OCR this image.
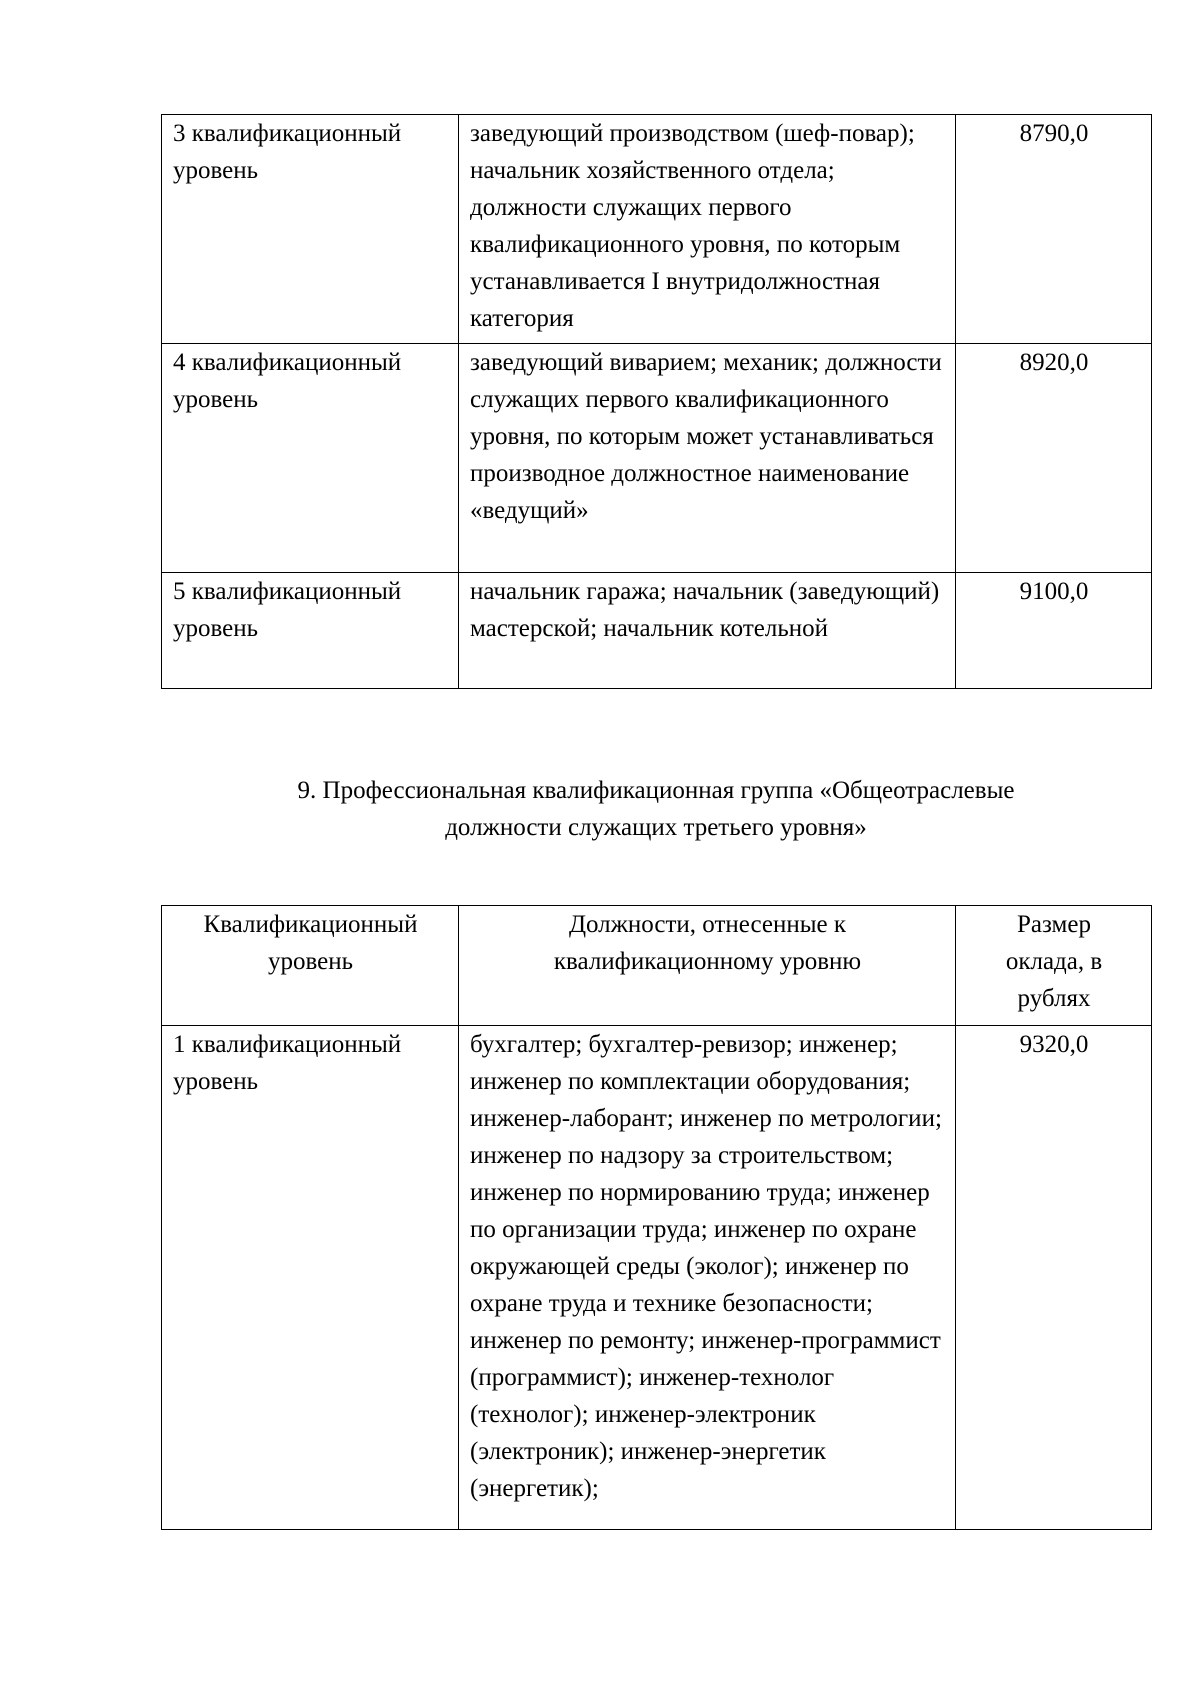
3 квалификационный уровень	заведующий производством (шеф-повар); начальник хозяйственного отдела; должности служащих первого квалификационного уровня, по которым устанавливается I внутридолжностная категория	8790,0

4 квалификационный уровень	заведующий виварием; механик; должности служащих первого квалификационного уровня, по которым может устанавливаться производное должностное наименование «ведущий»	8920,0

5 квалификационный уровень	начальник гаража; начальник (заведующий) мастерской; начальник котельной	9100,0
9. Профессиональная квалификационная группа «Общеотраслевые
должности служащих третьего уровня»
Квалификационный уровень	Должности, отнесенные к квалификационному уровню	Размер оклада, в рублях

1 квалификационный уровень	бухгалтер; бухгалтер-ревизор; инженер; инженер по комплектации оборудования; инженер-лаборант; инженер по метрологии; инженер по надзору за строительством; инженер по нормированию труда; инженер по организации труда; инженер по охране окружающей среды (эколог); инженер по охране труда и технике безопасности; инженер по ремонту; инженер-программист (программист); инженер-технолог (технолог); инженер-электроник (электроник); инженер-энергетик (энергетик);	9320,0
